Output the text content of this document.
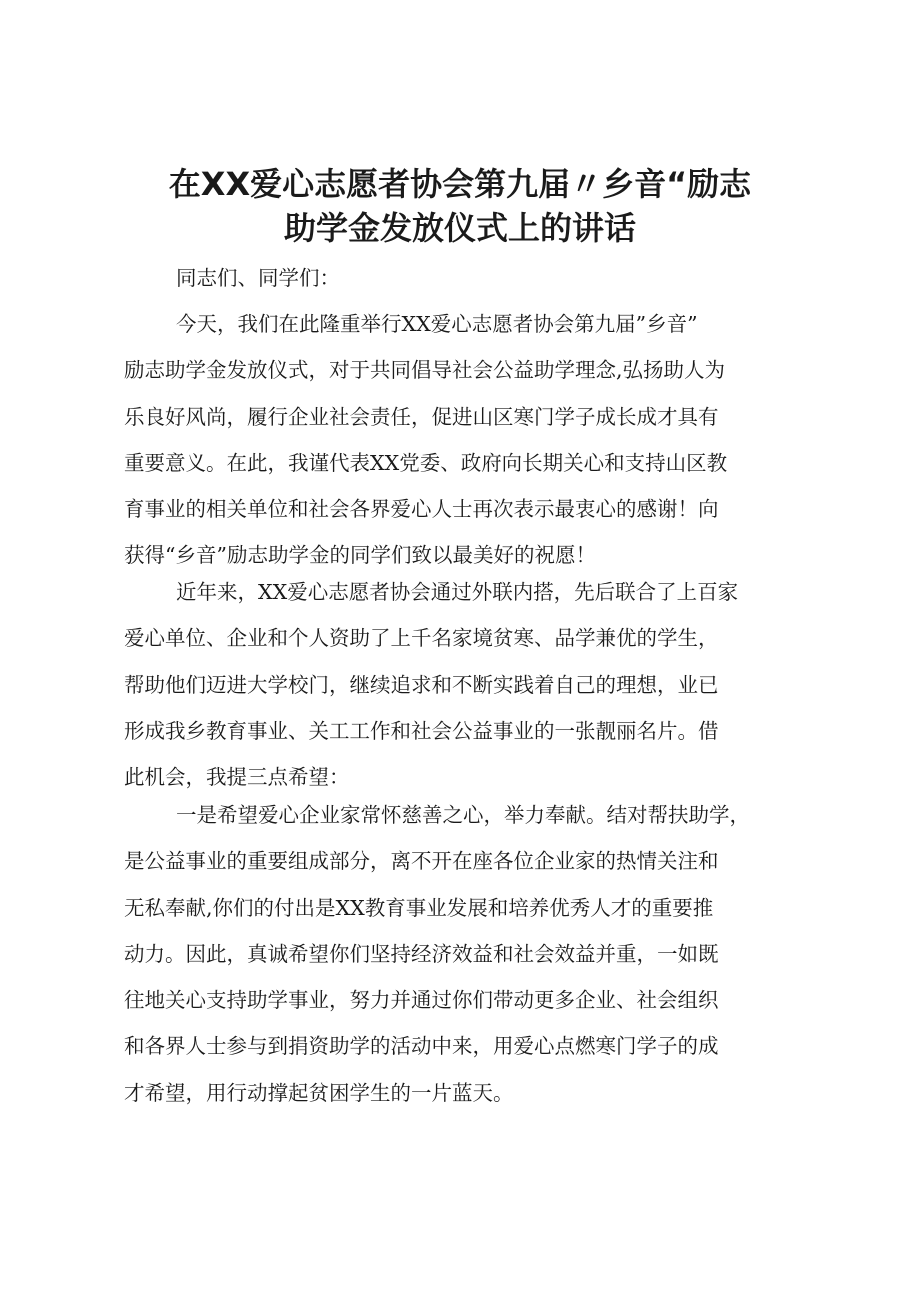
在XX爱心志愿者协会第九届〃乡音“励志
助学金发放仪式上的讲话

同志们、同学们：

今天，我们在此隆重举行XX爱心志愿者协会第九届”乡音”
励志助学金发放仪式，对于共同倡导社会公益助学理念,弘扬助人为
乐良好风尚，履行企业社会责任，促进山区寒门学子成长成才具有
重要意义。在此，我谨代表XX党委、政府向长期关心和支持山区教
育事业的相关单位和社会各界爱心人士再次表示最衷心的感谢！向
获得“乡音”励志助学金的同学们致以最美好的祝愿！

近年来，XX爱心志愿者协会通过外联内搭，先后联合了上百家
爱心单位、企业和个人资助了上千名家境贫寒、品学兼优的学生，
帮助他们迈进大学校门，继续追求和不断实践着自己的理想，业已
形成我乡教育事业、关工工作和社会公益事业的一张靓丽名片。借
此机会，我提三点希望：

一是希望爱心企业家常怀慈善之心，举力奉献。结对帮扶助学，
是公益事业的重要组成部分，离不开在座各位企业家的热情关注和
无私奉献,你们的付出是XX教育事业发展和培养优秀人才的重要推
动力。因此，真诚希望你们坚持经济效益和社会效益并重，一如既
往地关心支持助学事业，努力并通过你们带动更多企业、社会组织
和各界人士参与到捐资助学的活动中来，用爱心点燃寒门学子的成
才希望，用行动撑起贫困学生的一片蓝天。
